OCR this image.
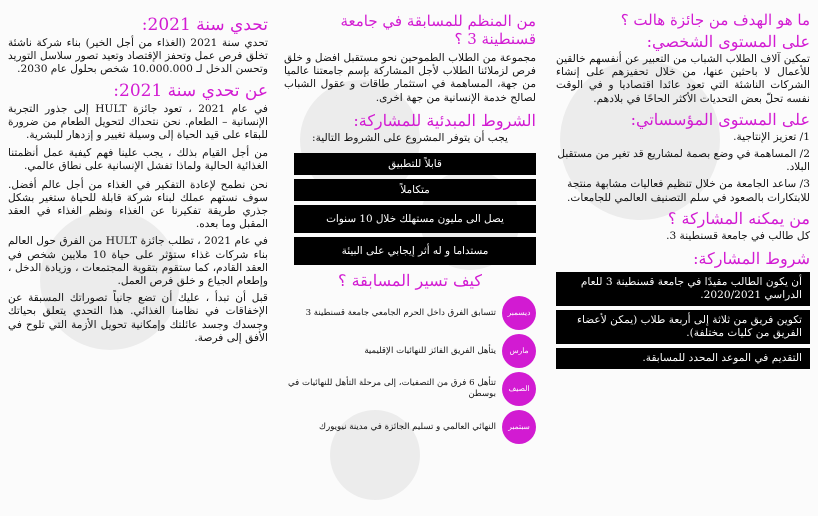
ما هو الهدف من جائزة هالت ؟
على المستوى الشخصي:
تمكين آلاف الطلاب الشباب من التعبير عن أنفسهم خالقين للأعمال لا باحثين عنها، من خلال تحفيزهم على إنشاء الشركات الناشئة التي تعود عائدا اقتصاديا و في الوقت نفسه تحلّ بعض التحديات الأكثر الحاحًا في بلادهم.
على المستوى المؤسساتي:
1/ تعزيز الإنتاجية.
2/ المساهمة في وضع بصمة لمشاريع قد تغير من مستقبل البلاد.
3/ ساعد الجامعة من خلال تنظيم فعاليات مشابهة منتجة للابتكارات بالصعود في سلم التصنيف العالمي للجامعات.
من يمكنه المشاركة ؟
كل طالب في جامعة قسنطينة 3.
شروط المشاركة:
أن يكون الطالب مقيدًا في جامعة قسنطينة 3 للعام الدراسي 2020/2021.
تكوين فريق من ثلاثة إلى أربعة طلاب (يمكن لأعضاء الفريق من كليات مختلفة).
التقديم في الموعد المحدد للمسابقة.
من المنظم للمسابقة في جامعة قسنطينة 3 ؟
مجموعة من الطلاب الطموحين نحو مستقبل افضل و خلق فرص لزملائنا الطلاب لأجل المشاركة بإسم جامعتنا عالميا من جهة، المساهمة في استثمار طاقات و عقول الشباب لصالح خدمة الإنسانية من جهة اخرى.
الشروط المبدئية للمشاركة:
يجب أن يتوفر المشروع على الشروط التالية:
قابلاً للتطبيق
متكاملاً
يصل الى مليون مستهلك خلال 10 سنوات
مستداما و له أثر إيجابي على البيئة
كيف تسير المسابقة ؟
ديسمبر
تتسابق الفرق داخل الحرم الجامعي جامعة قسنطينة 3
مارس
يتأهل الفريق الفائز للنهائيات الإقليمية
الصيف
تتأهل 6 فرق من التصفيات، إلى مرحلة التأهل للنهائيات في بوسطن
سبتمبر
النهائي العالمي و تسليم الجائزة في مدينة نيويورك
تحدي سنة 2021:
تحدي سنة 2021 (الغذاء من أجل الخير) بناء شركة ناشئة تخلق فرص عمل وتحفز الإقتصاد وتعيد تصور سلاسل التوريد وتحسن الدخل لـ 10.000.000 شخص بحلول عام 2030.
عن تحدي سنة 2021:
في عام 2021 ، تعود جائزة HULT إلى جذور التجربة الإنسانية – الطعام. نحن نتحداك لتحويل الطعام من ضرورة للبقاء على قيد الحياة إلى وسيلة تغيير و إزدهار للبشرية.
من أجل القيام بذلك ، يجب علينا فهم كيفية عمل أنظمتنا الغذائية الحالية ولماذا تفشل الإنسانية على نطاق عالمي.
نحن نطمح لإعادة التفكير في الغذاء من أجل عالم أفضل. سوف نستهم عملك لبناء شركة قابلة للحياة ستغير بشكل جذري طريقة تفكيرنا عن الغذاء ونظم الغذاء في العقد المقبل وما بعده.
في عام 2021 ، تطلب جائزة HULT من الفرق حول العالم بناء شركات غذاء ستؤثر على حياة 10 ملايين شخص في العقد القادم، كما ستقوم بتقوية المجتمعات ، وزيادة الدخل ، وإطعام الجياع و خلق فرص العمل.
قبل أن تبدأ ، عليك أن تضع جانباً تصوراتك المسبقة عن الإخفاقات في نظامنا الغذائي. هذا التحدي يتعلق بحياتك وجسدك وجسد عائلتك وإمكانية تحويل الأزمة التي تلوح في الأفق إلى فرصة.
